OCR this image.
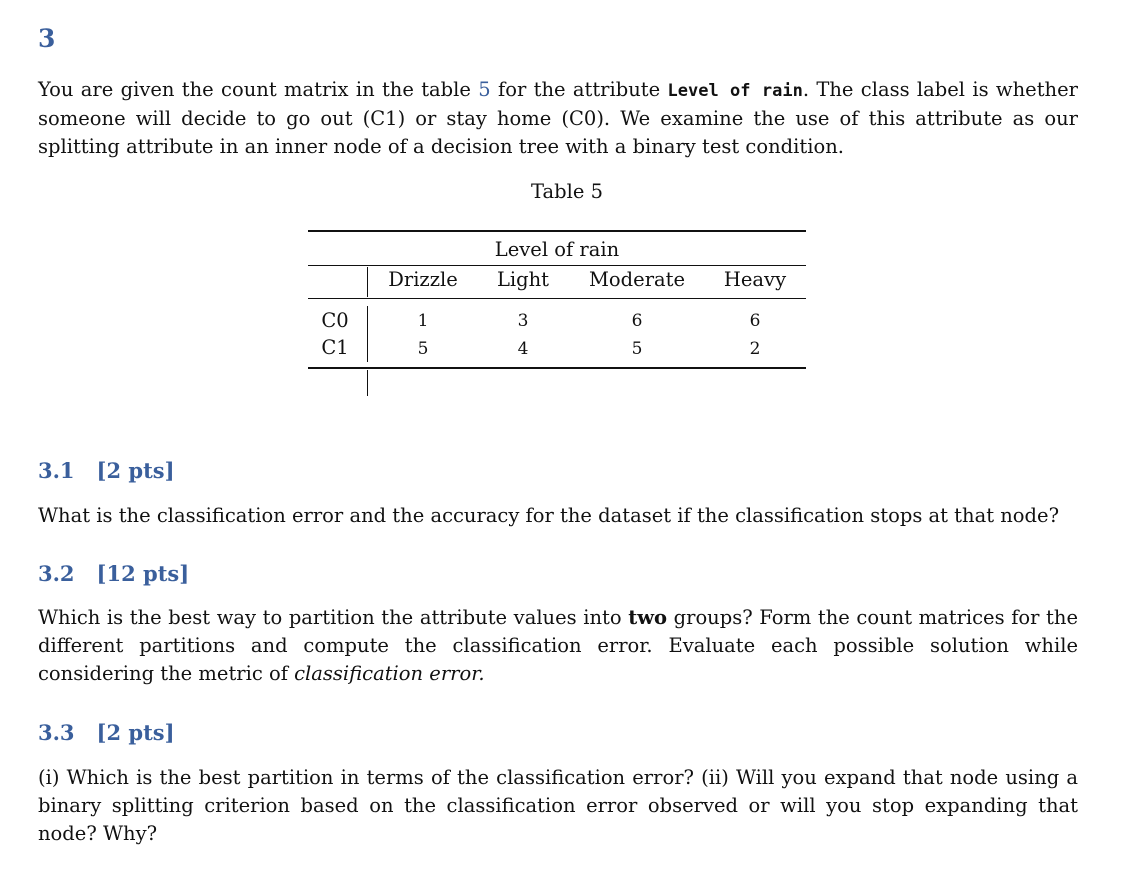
3

You are given the count matrix in the table 5 for the attribute Level of rain. The class label is whether someone will decide to go out (C1) or stay home (C0). We examine the use of this attribute as our splitting attribute in an inner node of a decision tree with a binary test condition.

Table 5
Level of rain
Drizzle	Light	Moderate	Heavy
C0	1	3	6	6
C1	5	4	5	2
3.1 [2 pts]

What is the classification error and the accuracy for the dataset if the classification stops at that node?

3.2 [12 pts]

Which is the best way to partition the attribute values into two groups? Form the count matrices for the different partitions and compute the classification error. Evaluate each possible solution while considering the metric of classification error.

3.3 [2 pts]

(i) Which is the best partition in terms of the classification error? (ii) Will you expand that node using a binary splitting criterion based on the classification error observed or will you stop expanding that node? Why?
